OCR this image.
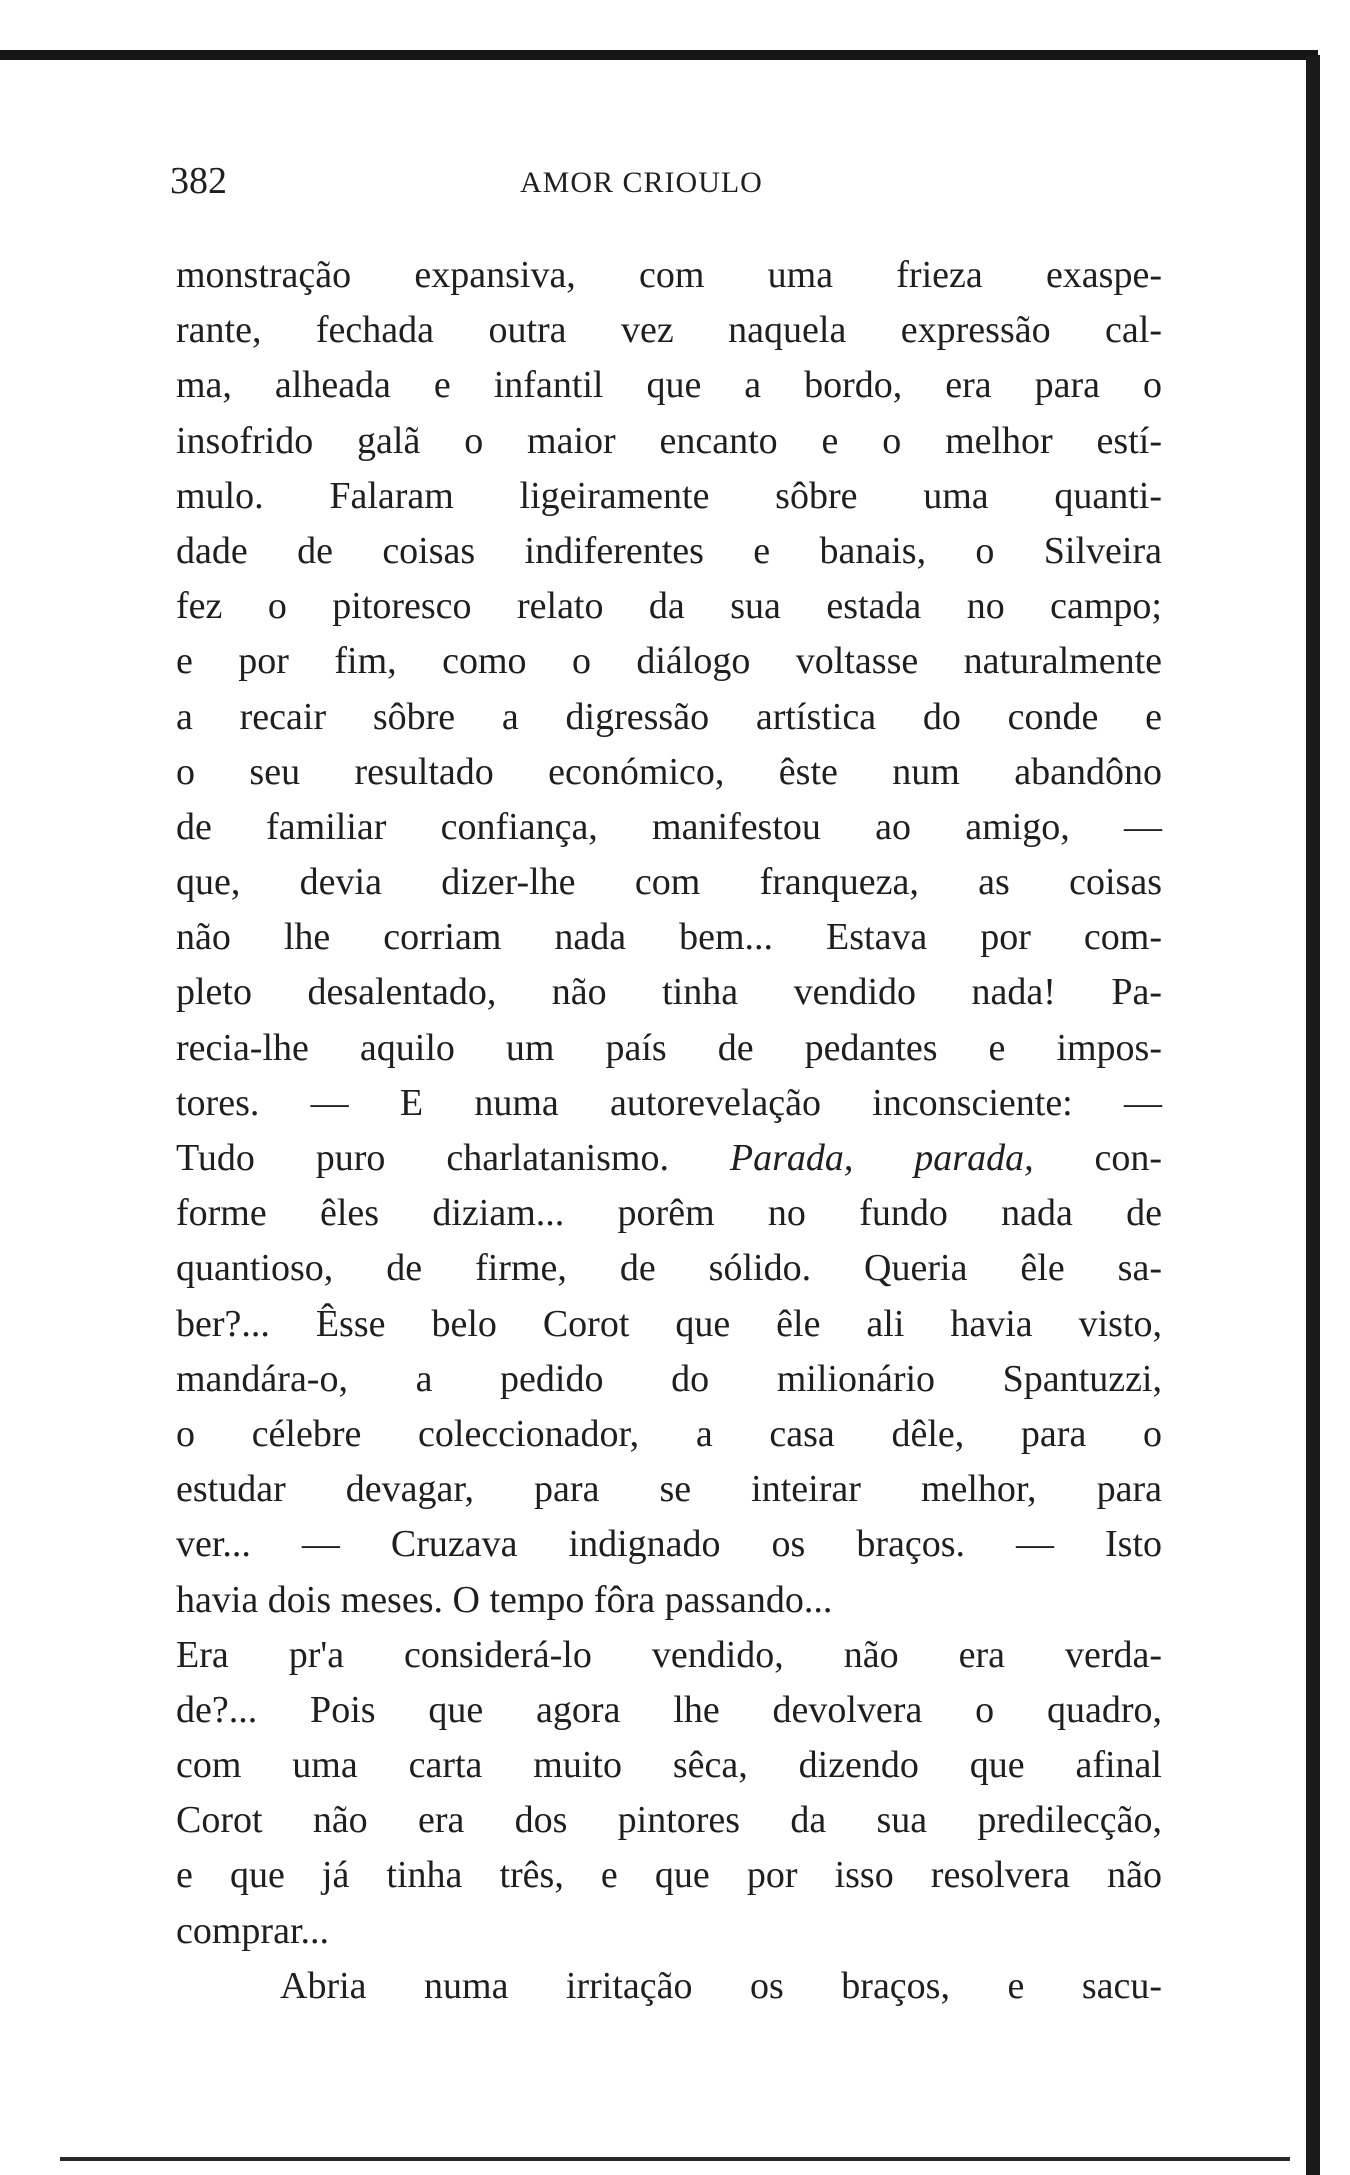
382	AMOR CRIOULO
monstração expansiva, com uma frieza exaspe-
rante, fechada outra vez naquela expressão cal-
ma, alheada e infantil que a bordo, era para o
insofrido galã o maior encanto e o melhor estí-
mulo. Falaram ligeiramente sôbre uma quanti-
dade de coisas indiferentes e banais, o Silveira
fez o pitoresco relato da sua estada no campo;
e por fim, como o diálogo voltasse naturalmente
a recair sôbre a digressão artística do conde e
o seu resultado económico, êste num abandôno
de familiar confiança, manifestou ao amigo, —
que, devia dizer-lhe com franqueza, as coisas
não lhe corriam nada bem... Estava por com-
pleto desalentado, não tinha vendido nada! Pa-
recia-lhe aquilo um país de pedantes e impos-
tores. — E numa autorevelação inconsciente: —
Tudo puro charlatanismo. Parada, parada, con-
forme êles diziam... porêm no fundo nada de
quantioso, de firme, de sólido. Queria êle sa-
ber?... Êsse belo Corot que êle ali havia visto,
mandára-o, a pedido do milionário Spantuzzi,
o célebre coleccionador, a casa dêle, para o
estudar devagar, para se inteirar melhor, para
ver... — Cruzava indignado os braços. — Isto
havia dois meses. O tempo fôra passando...
Era pr'a considerá-lo vendido, não era verda-
de?... Pois que agora lhe devolvera o quadro,
com uma carta muito sêca, dizendo que afinal
Corot não era dos pintores da sua predilecção,
e que já tinha três, e que por isso resolvera não
comprar...
Abria numa irritação os braços, e sacu-
